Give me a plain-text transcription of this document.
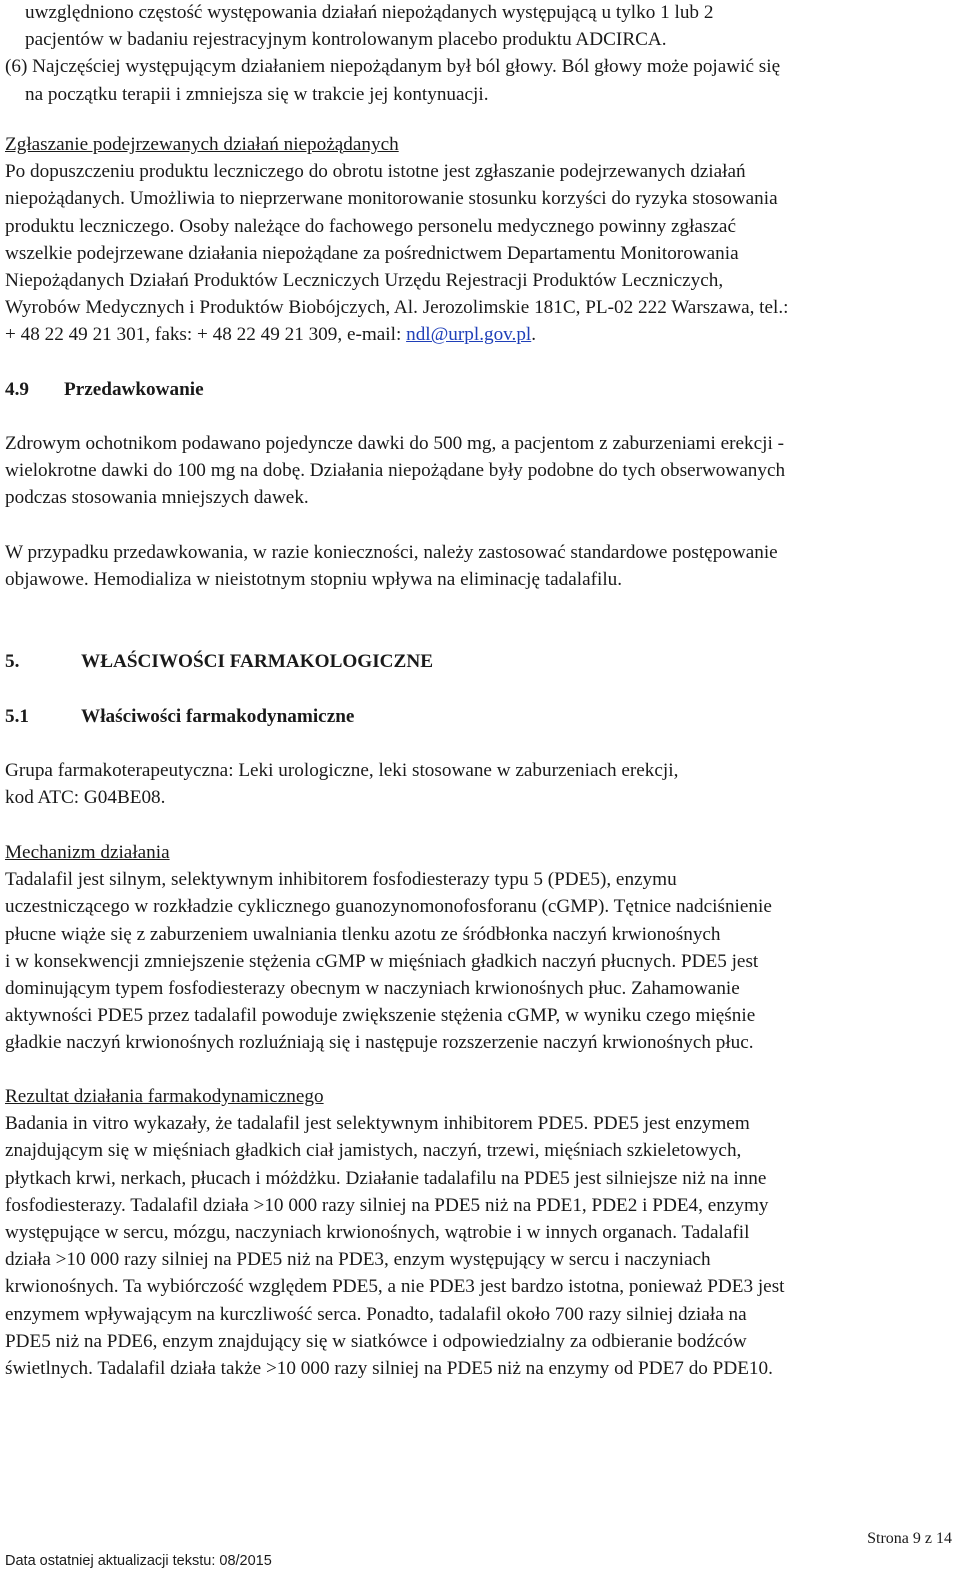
uwzględniono częstość występowania działań niepożądanych występującą u tylko 1 lub 2

pacjentów w badaniu rejestracyjnym kontrolowanym placebo produktu ADCIRCA.

(6) Najczęściej występującym działaniem niepożądanym był ból głowy. Ból głowy może pojawić się

na początku terapii i zmniejsza się w trakcie jej kontynuacji.

Zgłaszanie podejrzewanych działań niepożądanych

Po dopuszczeniu produktu leczniczego do obrotu istotne jest zgłaszanie podejrzewanych działań

niepożądanych. Umożliwia to nieprzerwane monitorowanie stosunku korzyści do ryzyka stosowania

produktu leczniczego. Osoby należące do fachowego personelu medycznego powinny zgłaszać

wszelkie podejrzewane działania niepożądane za pośrednictwem Departamentu Monitorowania

Niepożądanych Działań Produktów Leczniczych Urzędu Rejestracji Produktów Leczniczych,

Wyrobów Medycznych i Produktów Biobójczych, Al. Jerozolimskie 181C, PL-02 222 Warszawa, tel.:

+ 48 22 49 21 301, faks: + 48 22 49 21 309, e-mail: ndl@urpl.gov.pl.

4.9	Przedawkowanie

Zdrowym ochotnikom podawano pojedyncze dawki do 500 mg, a pacjentom z zaburzeniami erekcji -

wielokrotne dawki do 100 mg na dobę. Działania niepożądane były podobne do tych obserwowanych

podczas stosowania mniejszych dawek.

W przypadku przedawkowania, w razie konieczności, należy zastosować standardowe postępowanie

objawowe. Hemodializa w nieistotnym stopniu wpływa na eliminację tadalafilu.

5.	WŁAŚCIWOŚCI FARMAKOLOGICZNE
5.1	Właściwości farmakodynamiczne

Grupa farmakoterapeutyczna: Leki urologiczne, leki stosowane w zaburzeniach erekcji,

kod ATC: G04BE08.

Mechanizm działania

Tadalafil jest silnym, selektywnym inhibitorem fosfodiesterazy typu 5 (PDE5), enzymu

uczestniczącego w rozkładzie cyklicznego guanozynomonofosforanu (cGMP). Tętnice nadciśnienie

płucne wiąże się z zaburzeniem uwalniania tlenku azotu ze śródbłonka naczyń krwionośnych

i w konsekwencji zmniejszenie stężenia cGMP w mięśniach gładkich naczyń płucnych. PDE5 jest

dominującym typem fosfodiesterazy obecnym w naczyniach krwionośnych płuc. Zahamowanie

aktywności PDE5 przez tadalafil powoduje zwiększenie stężenia cGMP, w wyniku czego mięśnie

gładkie naczyń krwionośnych rozluźniają się i następuje rozszerzenie naczyń krwionośnych płuc.

Rezultat działania farmakodynamicznego

Badania in vitro wykazały, że tadalafil jest selektywnym inhibitorem PDE5. PDE5 jest enzymem

znajdującym się w mięśniach gładkich ciał jamistych, naczyń, trzewi, mięśniach szkieletowych,

płytkach krwi, nerkach, płucach i móżdżku. Działanie tadalafilu na PDE5 jest silniejsze niż na inne

fosfodiesterazy. Tadalafil działa >10 000 razy silniej na PDE5 niż na PDE1, PDE2 i PDE4, enzymy

występujące w sercu, mózgu, naczyniach krwionośnych, wątrobie i w innych organach. Tadalafil

działa >10 000 razy silniej na PDE5 niż na PDE3, enzym występujący w sercu i naczyniach

krwionośnych. Ta wybiórczość względem PDE5, a nie PDE3 jest bardzo istotna, ponieważ PDE3 jest

enzymem wpływającym na kurczliwość serca. Ponadto, tadalafil około 700 razy silniej działa na

PDE5 niż na PDE6, enzym znajdujący się w siatkówce i odpowiedzialny za odbieranie bodźców

świetlnych. Tadalafil działa także >10 000 razy silniej na PDE5 niż na enzymy od PDE7 do PDE10.

Strona 9 z 14
Data ostatniej aktualizacji tekstu: 08/2015
